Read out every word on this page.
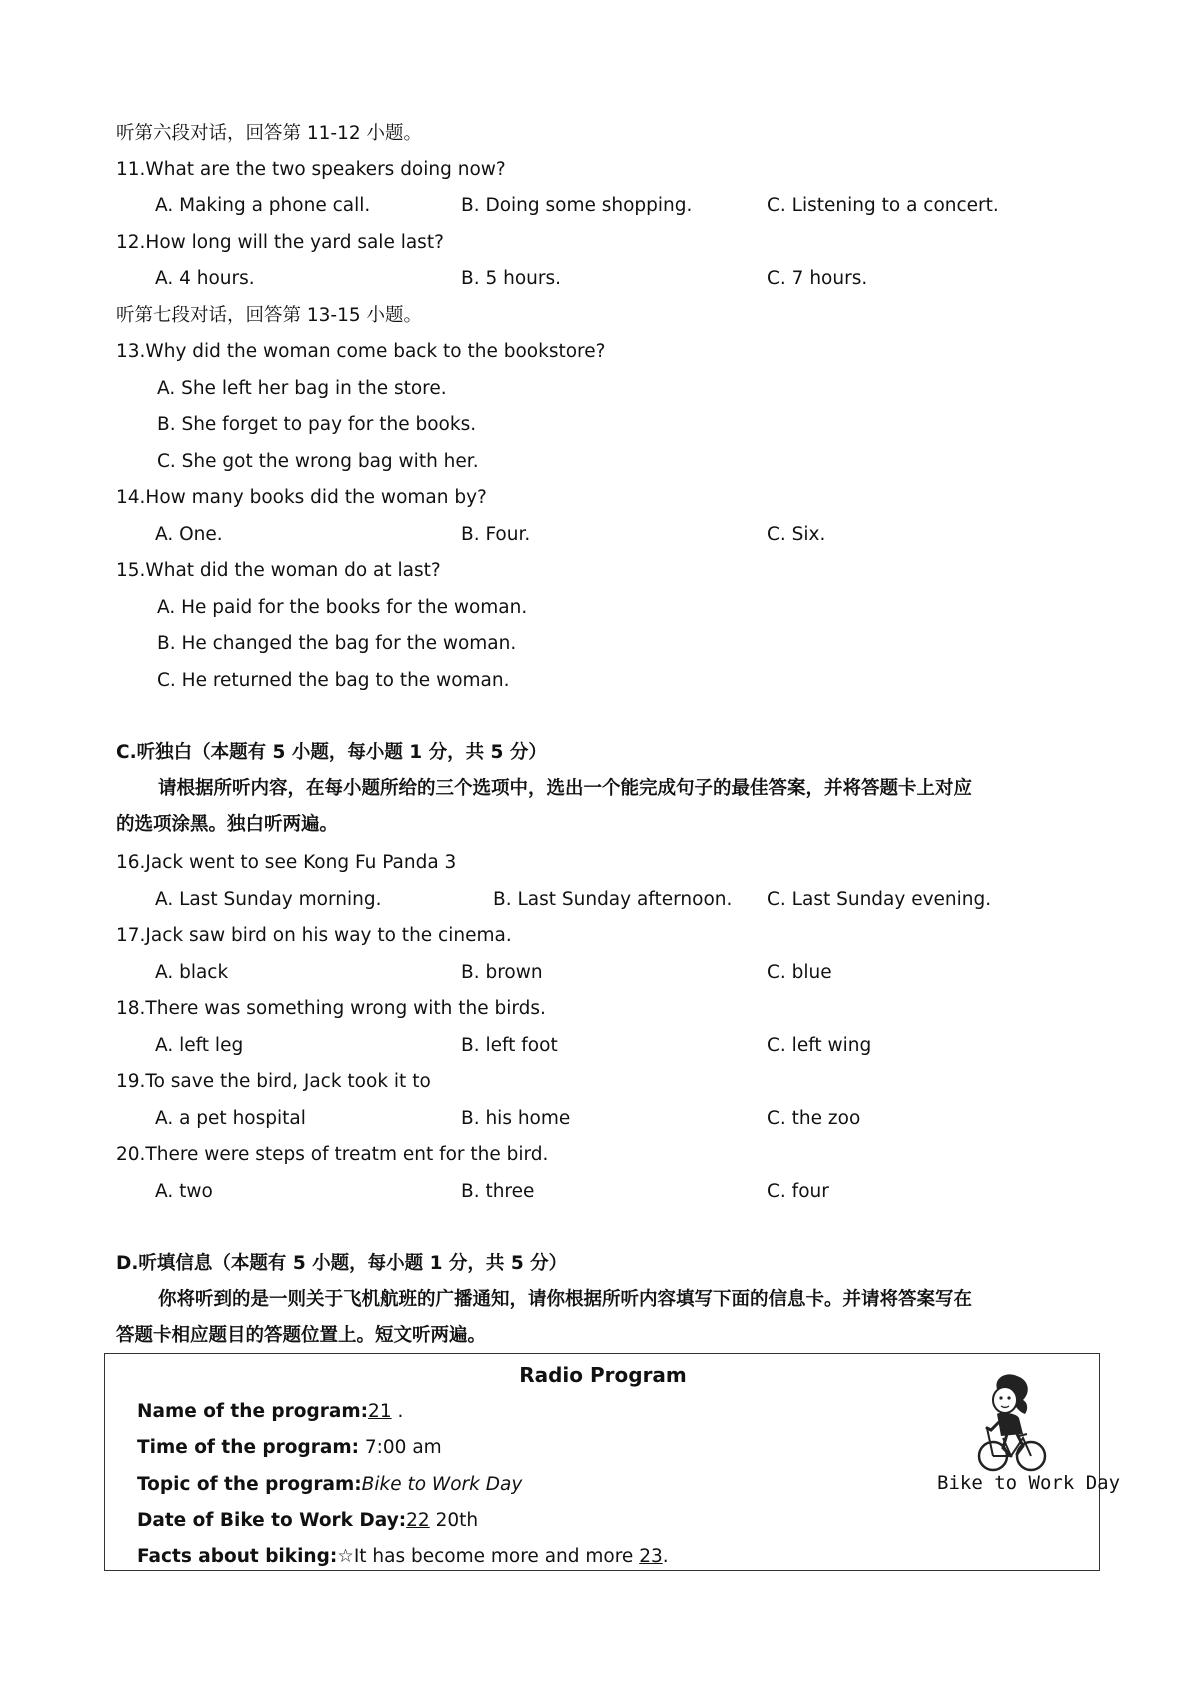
听第六段对话，回答第 11-12 小题。
11.What are the two speakers doing now?
A. Making a phone call.	B. Doing some shopping.	C. Listening to a concert.
12.How long will the yard sale last?
A. 4 hours.	B. 5 hours.	C. 7 hours.
听第七段对话，回答第 13-15 小题。
13.Why did the woman come back to the bookstore?
A. She left her bag in the store.
B. She forget to pay for the books.
C. She got the wrong bag with her.
14.How many books did the woman by?
A. One.	B. Four.	C. Six.
15.What did the woman do at last?
A. He paid for the books for the woman.
B. He changed the bag for the woman.
C. He returned the bag to the woman.
C.听独白（本题有 5 小题，每小题 1 分，共 5 分）
请根据所听内容，在每小题所给的三个选项中，选出一个能完成句子的最佳答案，并将答题卡上对应
的选项涂黑。独白听两遍。
16.Jack went to see Kong Fu Panda 3
A. Last Sunday morning.	B. Last Sunday afternoon. C. Last Sunday evening.
17.Jack saw bird on his way to the cinema.
A. black	B. brown	C. blue
18.There was something wrong with the birds.
A. left leg	B. left foot	C. left wing
19.To save the bird, Jack took it to
A. a pet hospital	B. his home	C. the zoo
20.There were steps of treatm ent for the bird.
A. two	B. three	C. four
D.听填信息（本题有 5 小题，每小题 1 分，共 5 分）
你将听到的是一则关于飞机航班的广播通知，请你根据所听内容填写下面的信息卡。并请将答案写在
答题卡相应题目的答题位置上。短文听两遍。
Radio Program
Name of the program:21 .
Time of the program: 7:00 am
Topic of the program:Bike to Work Day
Date of Bike to Work Day:22 20th
Facts about biking:☆It has become more and more 23.
Bike to Work Day
